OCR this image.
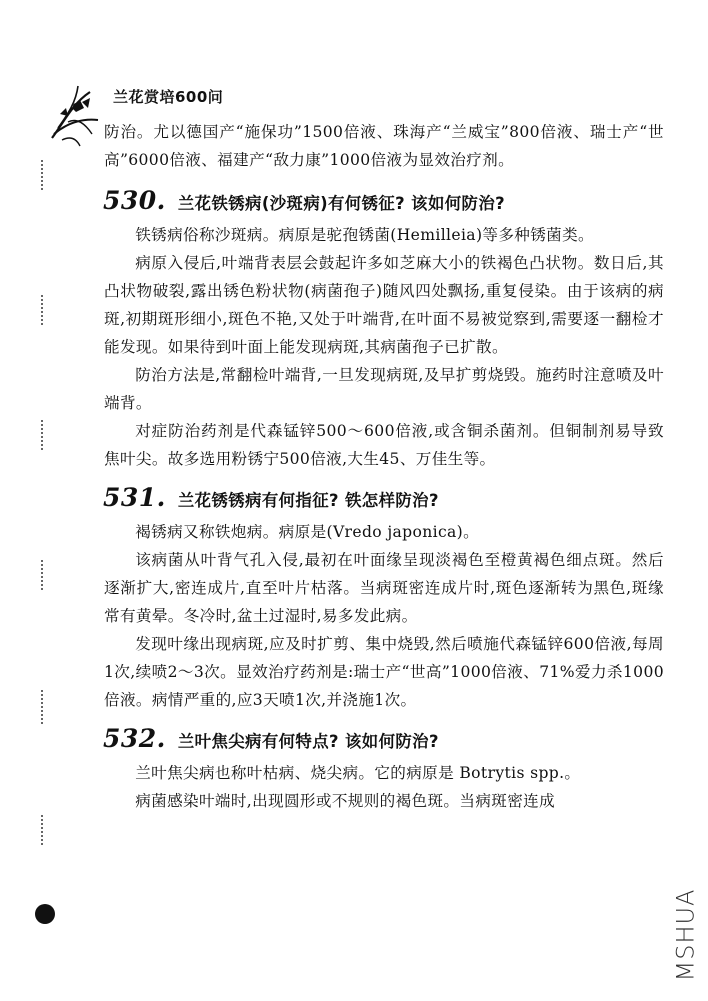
兰花赏培600问

防治。尤以德国产“施保功”1500倍液、珠海产“兰威宝”800倍液、瑞士产“世高”6000倍液、福建产“敌力康”1000倍液为显效治疗剂。

530. 兰花铁锈病(沙斑病)有何锈征? 该如何防治?

铁锈病俗称沙斑病。病原是驼孢锈菌(Hemilleia)等多种锈菌类。

病原入侵后,叶端背表层会鼓起许多如芝麻大小的铁褐色凸状物。数日后,其凸状物破裂,露出锈色粉状物(病菌孢子)随风四处飘扬,重复侵染。由于该病的病斑,初期斑形细小,斑色不艳,又处于叶端背,在叶面不易被觉察到,需要逐一翻检才能发现。如果待到叶面上能发现病斑,其病菌孢子已扩散。

防治方法是,常翻检叶端背,一旦发现病斑,及早扩剪烧毁。施药时注意喷及叶端背。

对症防治药剂是代森锰锌500～600倍液,或含铜杀菌剂。但铜制剂易导致焦叶尖。故多选用粉锈宁500倍液,大生45、万佳生等。

531. 兰花锈锈病有何指征? 铁怎样防治?

褐锈病又称铁炮病。病原是(Vredo japonica)。

该病菌从叶背气孔入侵,最初在叶面缘呈现淡褐色至橙黄褐色细点斑。然后逐渐扩大,密连成片,直至叶片枯落。当病斑密连成片时,斑色逐渐转为黑色,斑缘常有黄晕。冬冷时,盆土过湿时,易多发此病。

发现叶缘出现病斑,应及时扩剪、集中烧毁,然后喷施代森锰锌600倍液,每周1次,续喷2～3次。显效治疗药剂是:瑞士产“世高”1000倍液、71%爱力杀1000倍液。病情严重的,应3天喷1次,并浇施1次。

532. 兰叶焦尖病有何特点? 该如何防治?

兰叶焦尖病也称叶枯病、烧尖病。它的病原是 Botrytis spp.。

病菌感染叶端时,出现圆形或不规则的褐色斑。当病斑密连成

MSHUA
